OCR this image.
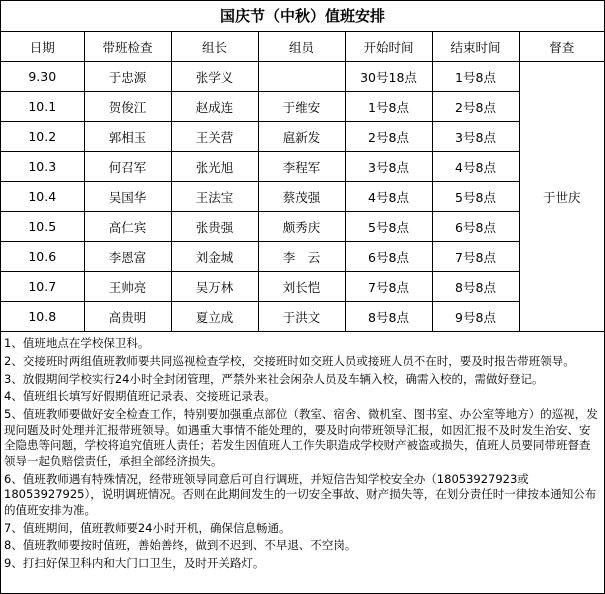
国庆节（中秋）值班安排
日期	带班检查	组长	组员	开始时间	结束时间	督查
9.30	于忠源	张学义		30号18点	1号8点	于世庆
10.1	贺俊江	赵成连	于维安	1号8点	2号8点	
10.2	郭相玉	王关营	扈新发	2号8点	3号8点	
10.3	何召军	张光旭	李程军	3号8点	4号8点	
10.4	吴国华	王法宝	蔡茂强	4号8点	5号8点	
10.5	高仁宾	张贵强	颇秀庆	5号8点	6号8点	
10.6	李恩富	刘金城	李　云	6号8点	7号8点	
10.7	王帅亮	吴万林	刘长恺	7号8点	8号8点	
10.8	高贵明	夏立成	于洪文	8号8点	9号8点	

1、值班地点在学校保卫科。

2、交接班时两组值班教师要共同巡视检查学校，交接班时如交班人员或接班人员不在时，要及时报告带班领导。

3、放假期间学校实行24小时全封闭管理，严禁外来社会闲杂人员及车辆入校，确需入校的，需做好登记。

4、值班组长填写好假期值班记录表、交接班记录表。

5、值班教师要做好安全检查工作，特别要加强重点部位（教室、宿舍、微机室、图书室、办公室等地方）的巡视，发现问题及时处理并汇报带班领导。如遇重大事情不能处理的，要及时向带班领导汇报，如因汇报不及时发生治安、安全隐患等问题，学校将追究值班人责任；若发生因值班人工作失职造成学校财产被盗或损失，值班人员要同带班督查领导一起负赔偿责任，承担全部经济损失。

6、值班教师遇有特殊情况，经带班领导同意后可自行调班，并短信告知学校安全办（18053927923或18053927925），说明调班情况。否则在此期间发生的一切安全事故、财产损失等，在划分责任时一律按本通知公布的值班安排为准。

7、值班期间，值班教师要24小时开机，确保信息畅通。

8、值班教师要按时值班，善始善终，做到不迟到、不早退、不空岗。

9、打扫好保卫科内和大门口卫生，及时开关路灯。
